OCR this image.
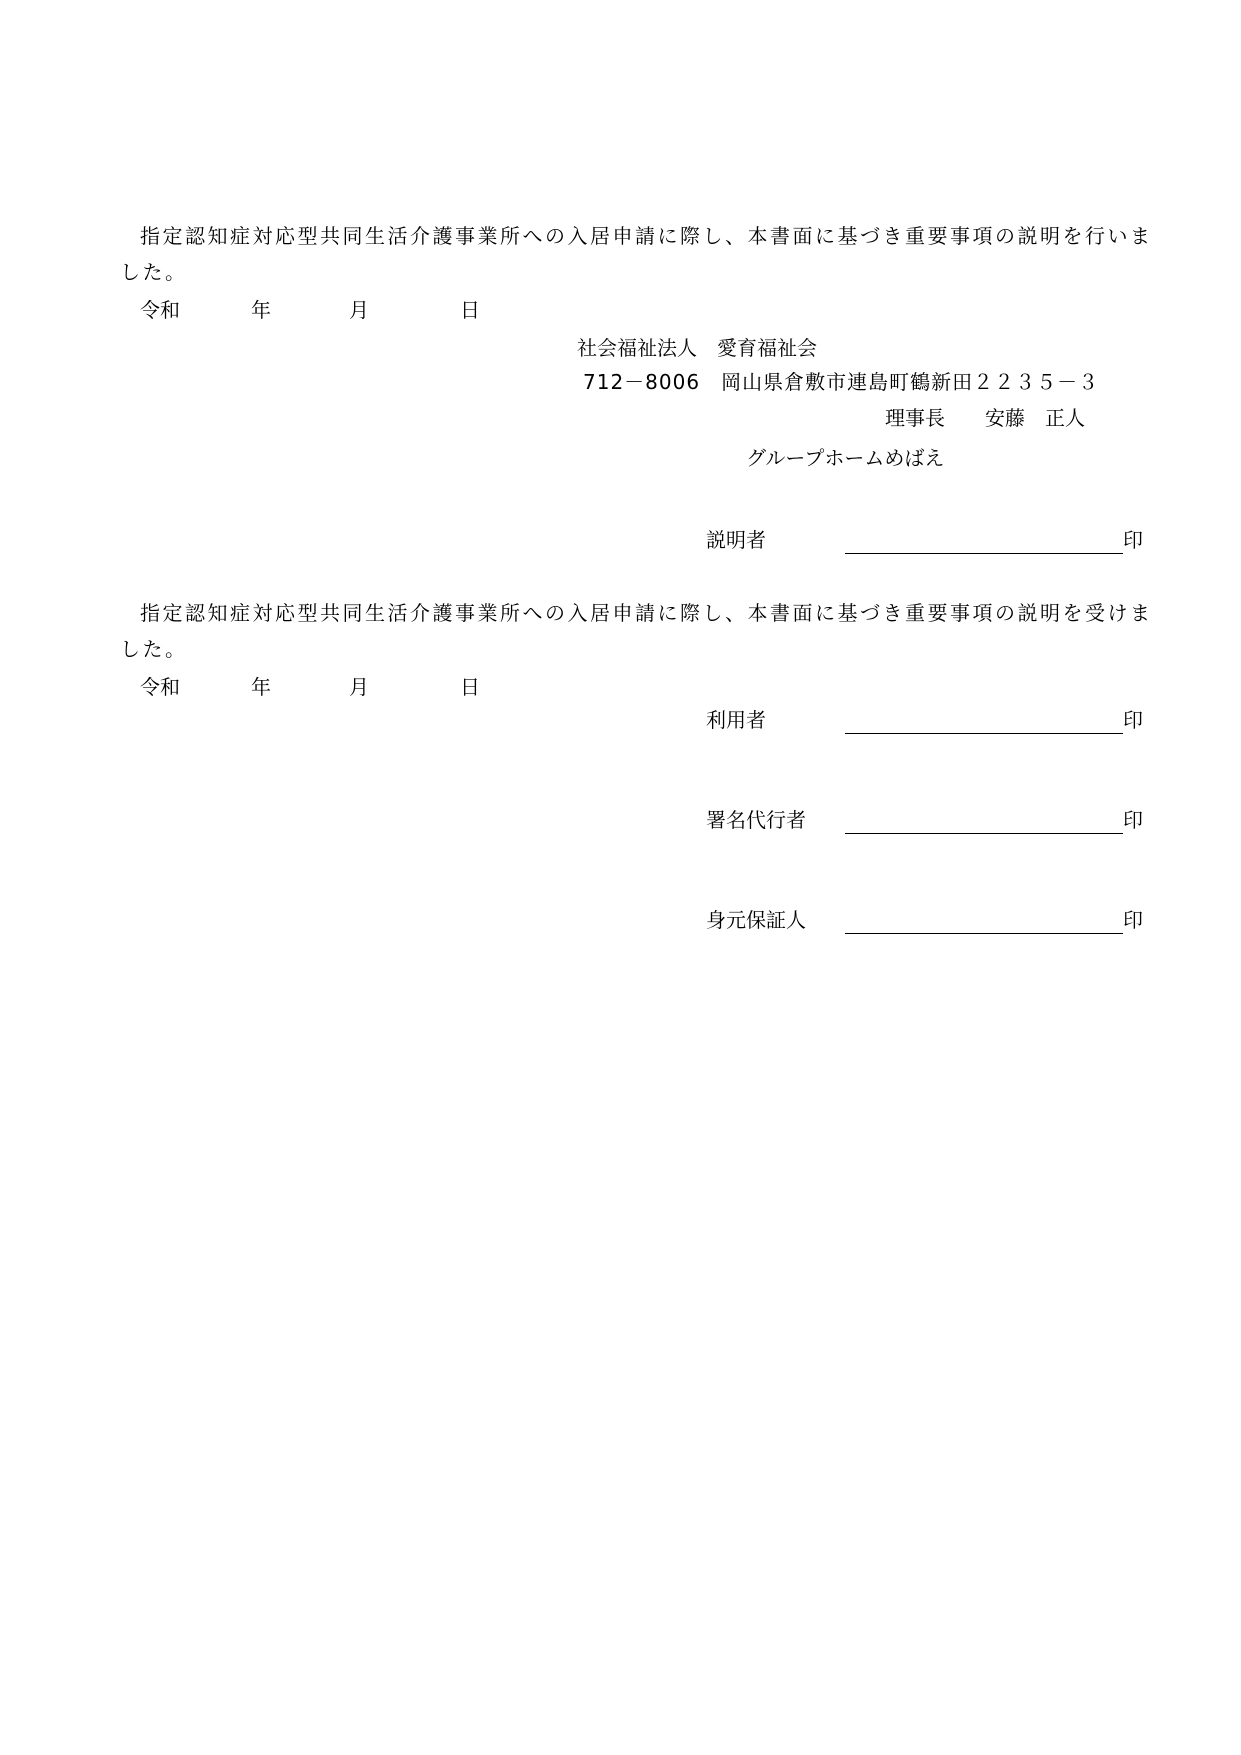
指定認知症対応型共同生活介護事業所への入居申請に際し、本書面に基づき重要事項の説明を行いました。
令和	年	月	日
社会福祉法人　愛育福祉会
712－8006　岡山県倉敷市連島町鶴新田２２３５－３
理事長　　安藤　正人
グループホームめばえ
説明者	印
指定認知症対応型共同生活介護事業所への入居申請に際し、本書面に基づき重要事項の説明を受けました。
令和	年	月	日
利用者	印
署名代行者	印
身元保証人	印
